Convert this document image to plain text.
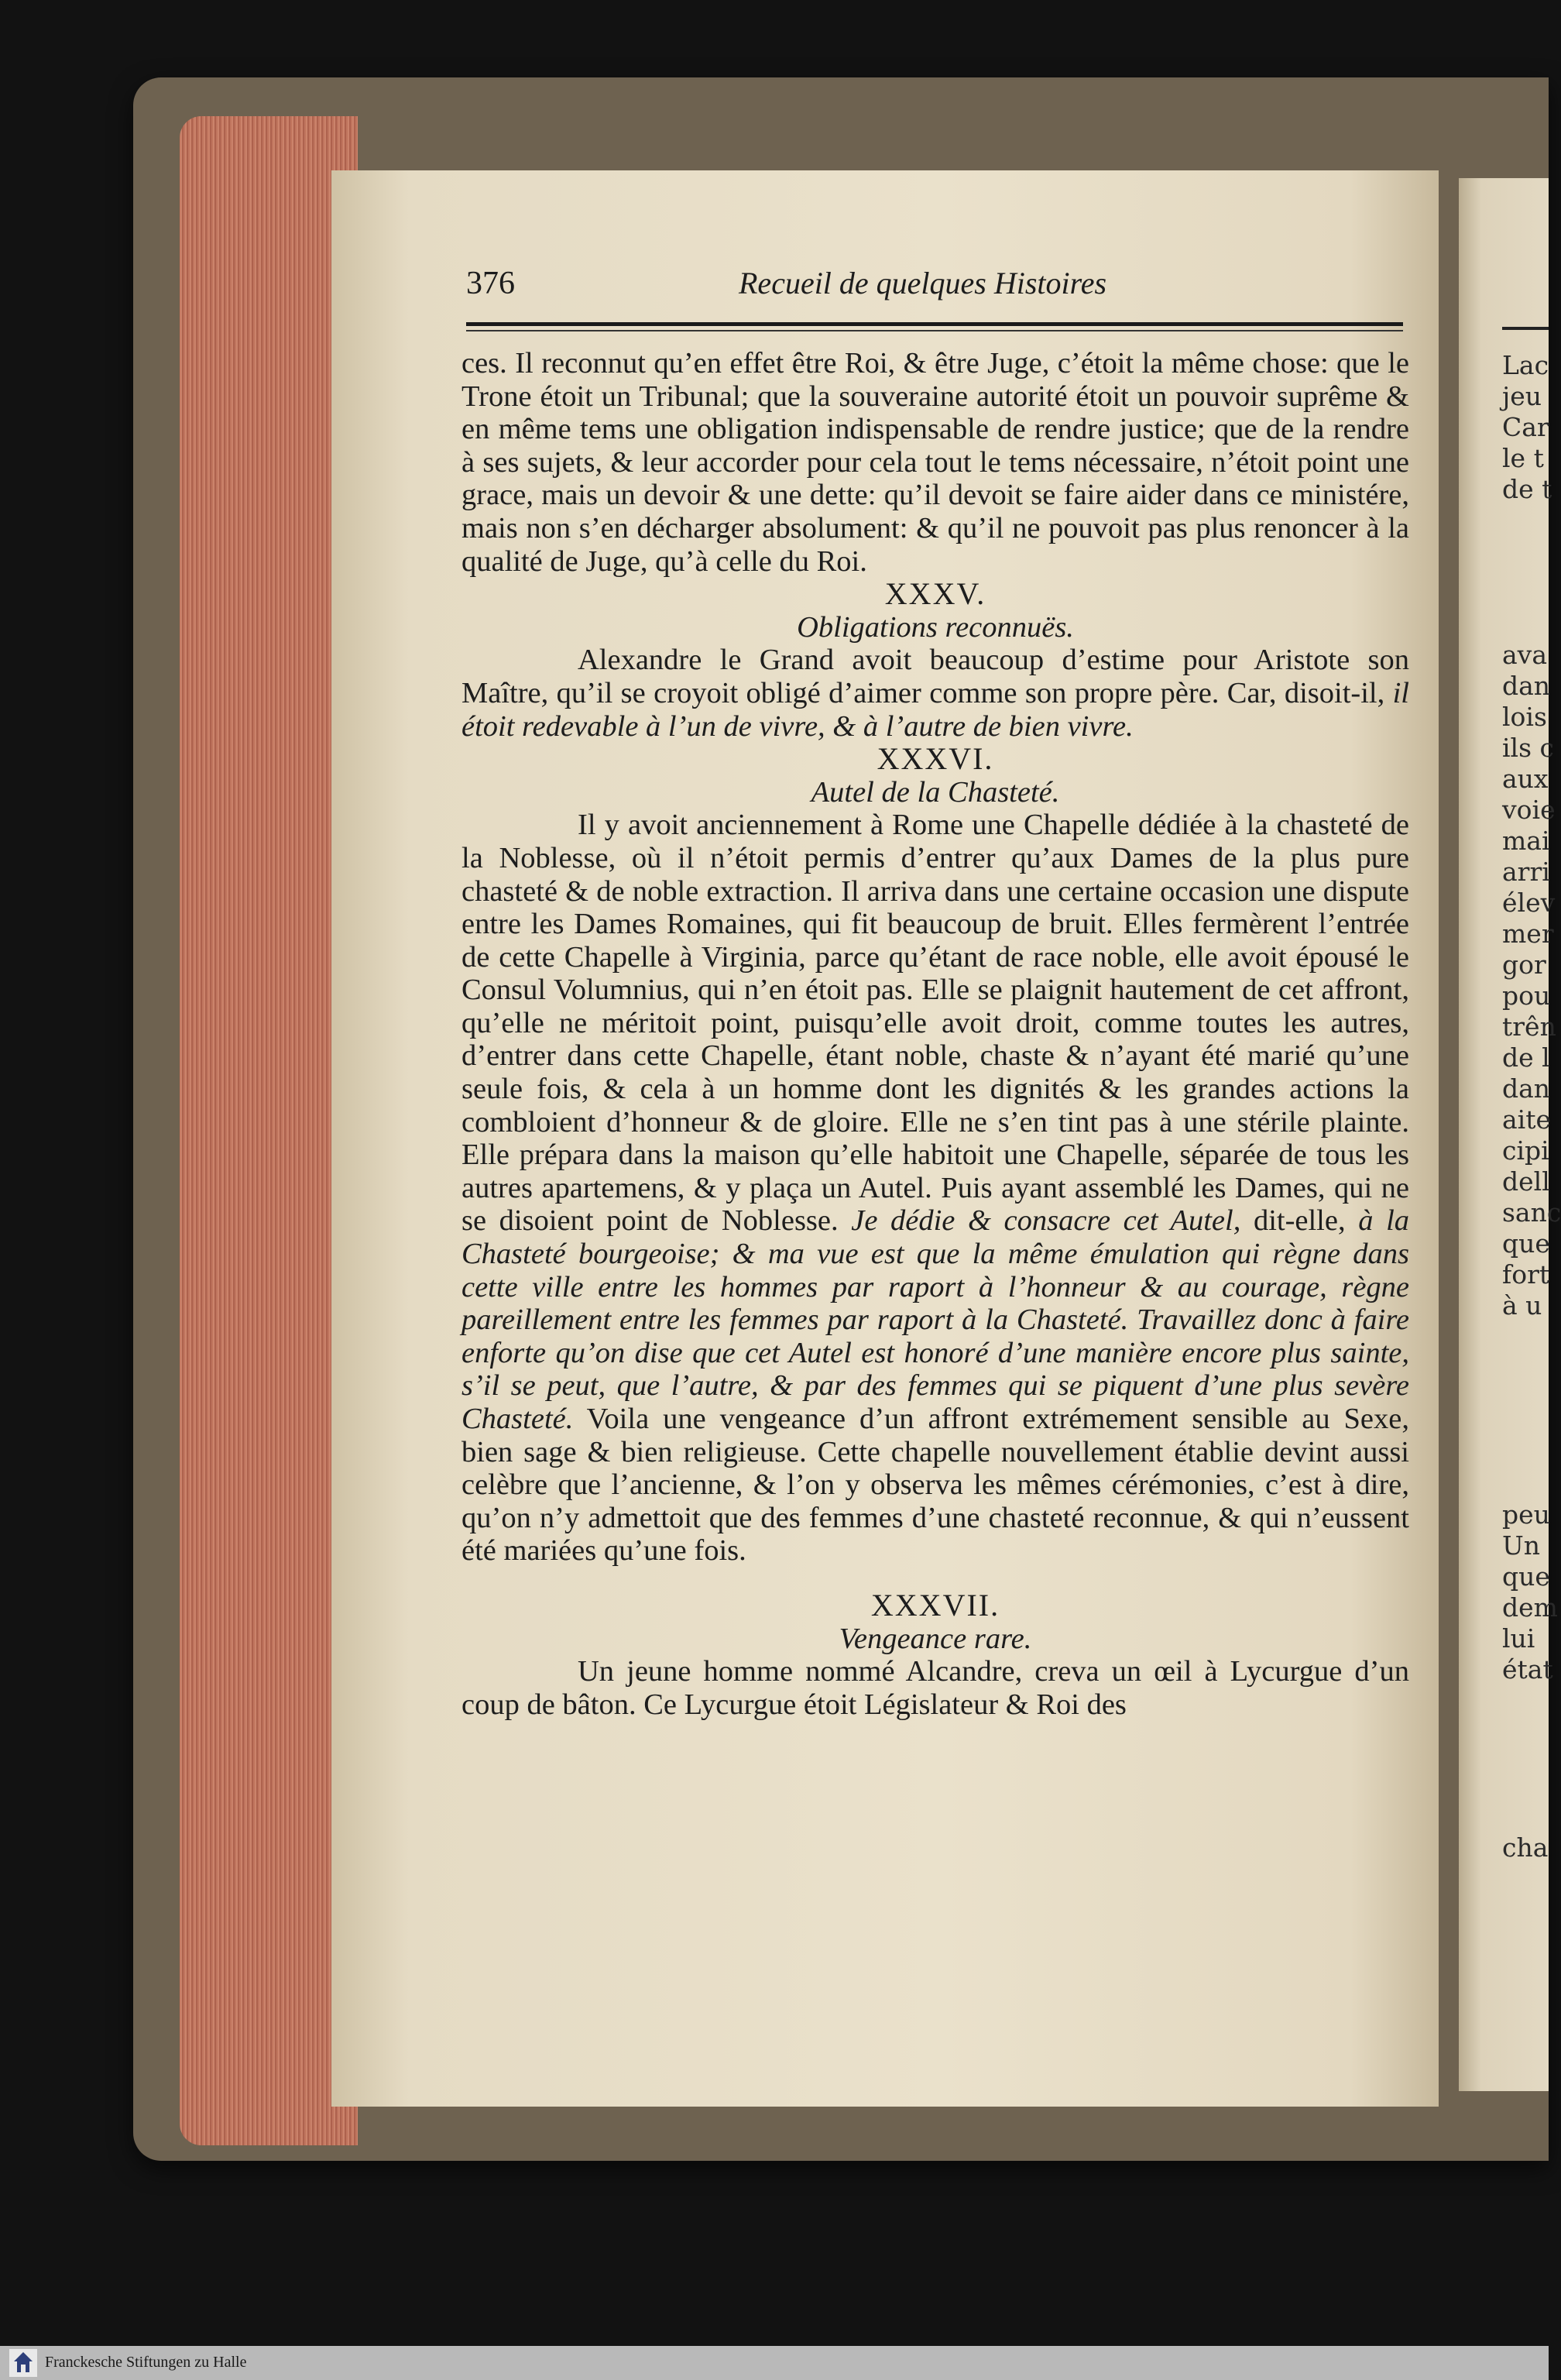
Lac
jeu
Car
le t
de t
ava
dan
lois
ils c
aux
voie
mai
arri
élev
mer
gor
pou
trên
de l
dan
aite
cipi
dell
sanc
que
fort
à u
peu
Un
que
dem
lui
état
cha
376	Recueil de quelques Histoires

ces. Il reconnut qu’en effet être Roi, & être Juge, c’étoit la même chose: que le Trone étoit un Tribunal; que la souveraine autorité étoit un pouvoir suprême & en même tems une obligation indispensable de rendre justice; que de la rendre à ses sujets, & leur accorder pour cela tout le tems nécessaire, n’étoit point une grace, mais un devoir & une dette: qu’il devoit se faire aider dans ce ministére, mais non s’en décharger absolument: & qu’il ne pouvoit pas plus renoncer à la qualité de Juge, qu’à celle du Roi.

XXXV.

Obligations reconnuës.

Alexandre le Grand avoit beaucoup d’estime pour Aristote son Maître, qu’il se croyoit obligé d’aimer comme son propre père. Car, disoit-il, il étoit redevable à l’un de vivre, & à l’autre de bien vivre.

XXXVI.

Autel de la Chasteté.

Il y avoit anciennement à Rome une Chapelle dédiée à la chasteté de la Noblesse, où il n’étoit permis d’entrer qu’aux Dames de la plus pure chasteté & de noble extraction. Il arriva dans une certaine occasion une dispute entre les Dames Romaines, qui fit beaucoup de bruit. Elles fermèrent l’entrée de cette Chapelle à Virginia, parce qu’étant de race noble, elle avoit épousé le Consul Volumnius, qui n’en étoit pas. Elle se plaignit hautement de cet affront, qu’elle ne méritoit point, puisqu’elle avoit droit, comme toutes les autres, d’entrer dans cette Chapelle, étant noble, chaste & n’ayant été marié qu’une seule fois, & cela à un homme dont les dignités & les grandes actions la combloient d’honneur & de gloire. Elle ne s’en tint pas à une stérile plainte. Elle prépara dans la maison qu’elle habitoit une Chapelle, séparée de tous les autres apartemens, & y plaça un Autel. Puis ayant assemblé les Dames, qui ne se disoient point de Noblesse. Je dédie & consacre cet Autel, dit-elle, à la Chasteté bourgeoise; & ma vue est que la même émulation qui règne dans cette ville entre les hommes par raport à l’honneur & au courage, règne pareillement entre les femmes par raport à la Chasteté. Travaillez donc à faire enforte qu’on dise que cet Autel est honoré d’une manière encore plus sainte, s’il se peut, que l’autre, & par des femmes qui se piquent d’une plus sevère Chasteté. Voila une vengeance d’un affront extrémement sensible au Sexe, bien sage & bien religieuse. Cette chapelle nouvellement établie devint aussi celèbre que l’ancienne, & l’on y observa les mêmes cérémonies, c’est à dire, qu’on n’y admettoit que des femmes d’une chasteté reconnue, & qui n’eussent été mariées qu’une fois.

XXXVII.

Vengeance rare.

Un jeune homme nommé Alcandre, creva un œil à Lycurgue d’un coup de bâton. Ce Lycurgue étoit Législateur & Roi des

Franckesche Stiftungen zu Halle
